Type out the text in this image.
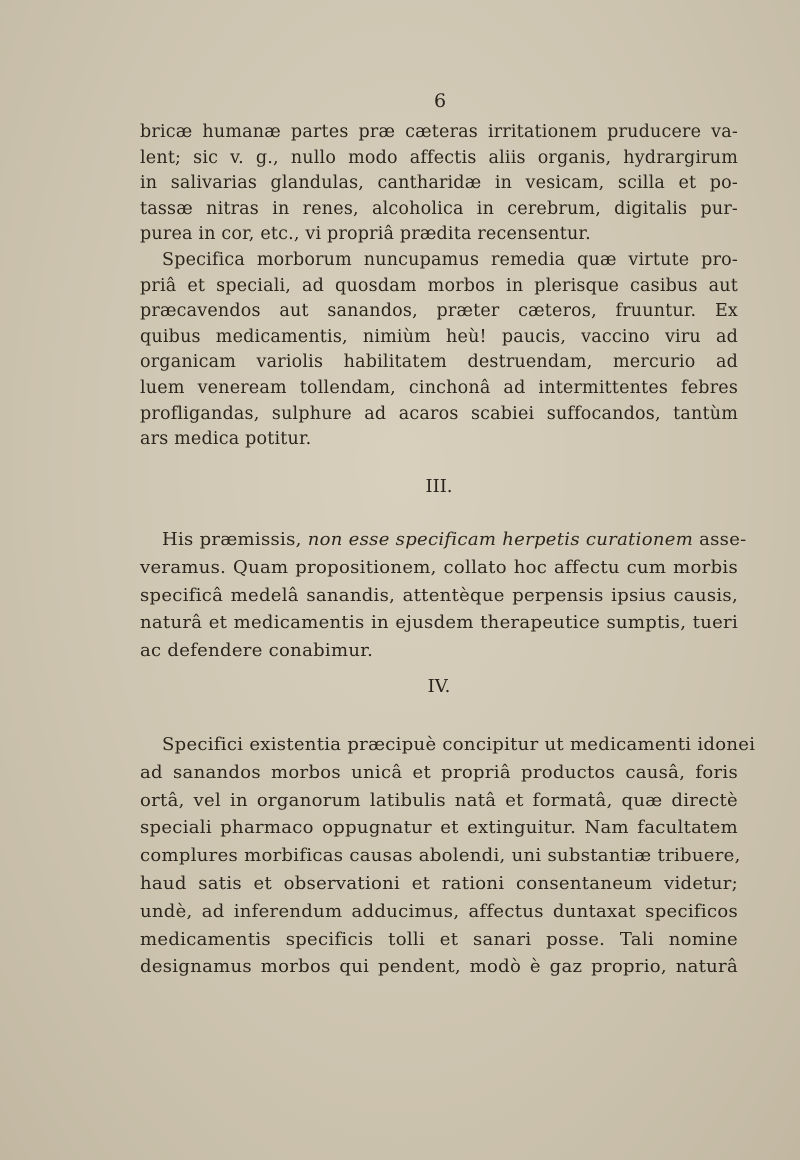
6
bricæ humanæ partes præ cæteras irritationem pruducere va-
lent; sic v. g., nullo modo affectis aliis organis, hydrargirum
in salivarias glandulas, cantharidæ in vesicam, scilla et po-
tassæ nitras in renes, alcoholica in cerebrum, digitalis pur-
purea in cor, etc., vi propriâ prædita recensentur.
Specifica morborum nuncupamus remedia quæ virtute pro-
priâ et speciali, ad quosdam morbos in plerisque casibus aut
præcavendos aut sanandos, præter cæteros, fruuntur. Ex
quibus medicamentis, nimiùm heù! paucis, vaccino viru ad
organicam variolis habilitatem destruendam, mercurio ad
luem veneream tollendam, cinchonâ ad intermittentes febres
profligandas, sulphure ad acaros scabiei suffocandos, tantùm
ars medica potitur.
III.
His præmissis, non esse specificam herpetis curationem asse-
veramus. Quam propositionem, collato hoc affectu cum morbis
specificâ medelâ sanandis, attentèque perpensis ipsius causis,
naturâ et medicamentis in ejusdem therapeutice sumptis, tueri
ac defendere conabimur.
IV.
Specifici existentia præcipuè concipitur ut medicamenti idonei
ad sanandos morbos unicâ et propriâ productos causâ, foris
ortâ, vel in organorum latibulis natâ et formatâ, quæ directè
speciali pharmaco oppugnatur et extinguitur. Nam facultatem
complures morbificas causas abolendi, uni substantiæ tribuere,
haud satis et observationi et rationi consentaneum videtur;
undè, ad inferendum adducimus, affectus duntaxat specificos
medicamentis specificis tolli et sanari posse. Tali nomine
designamus morbos qui pendent, modò è gaz proprio, naturâ
